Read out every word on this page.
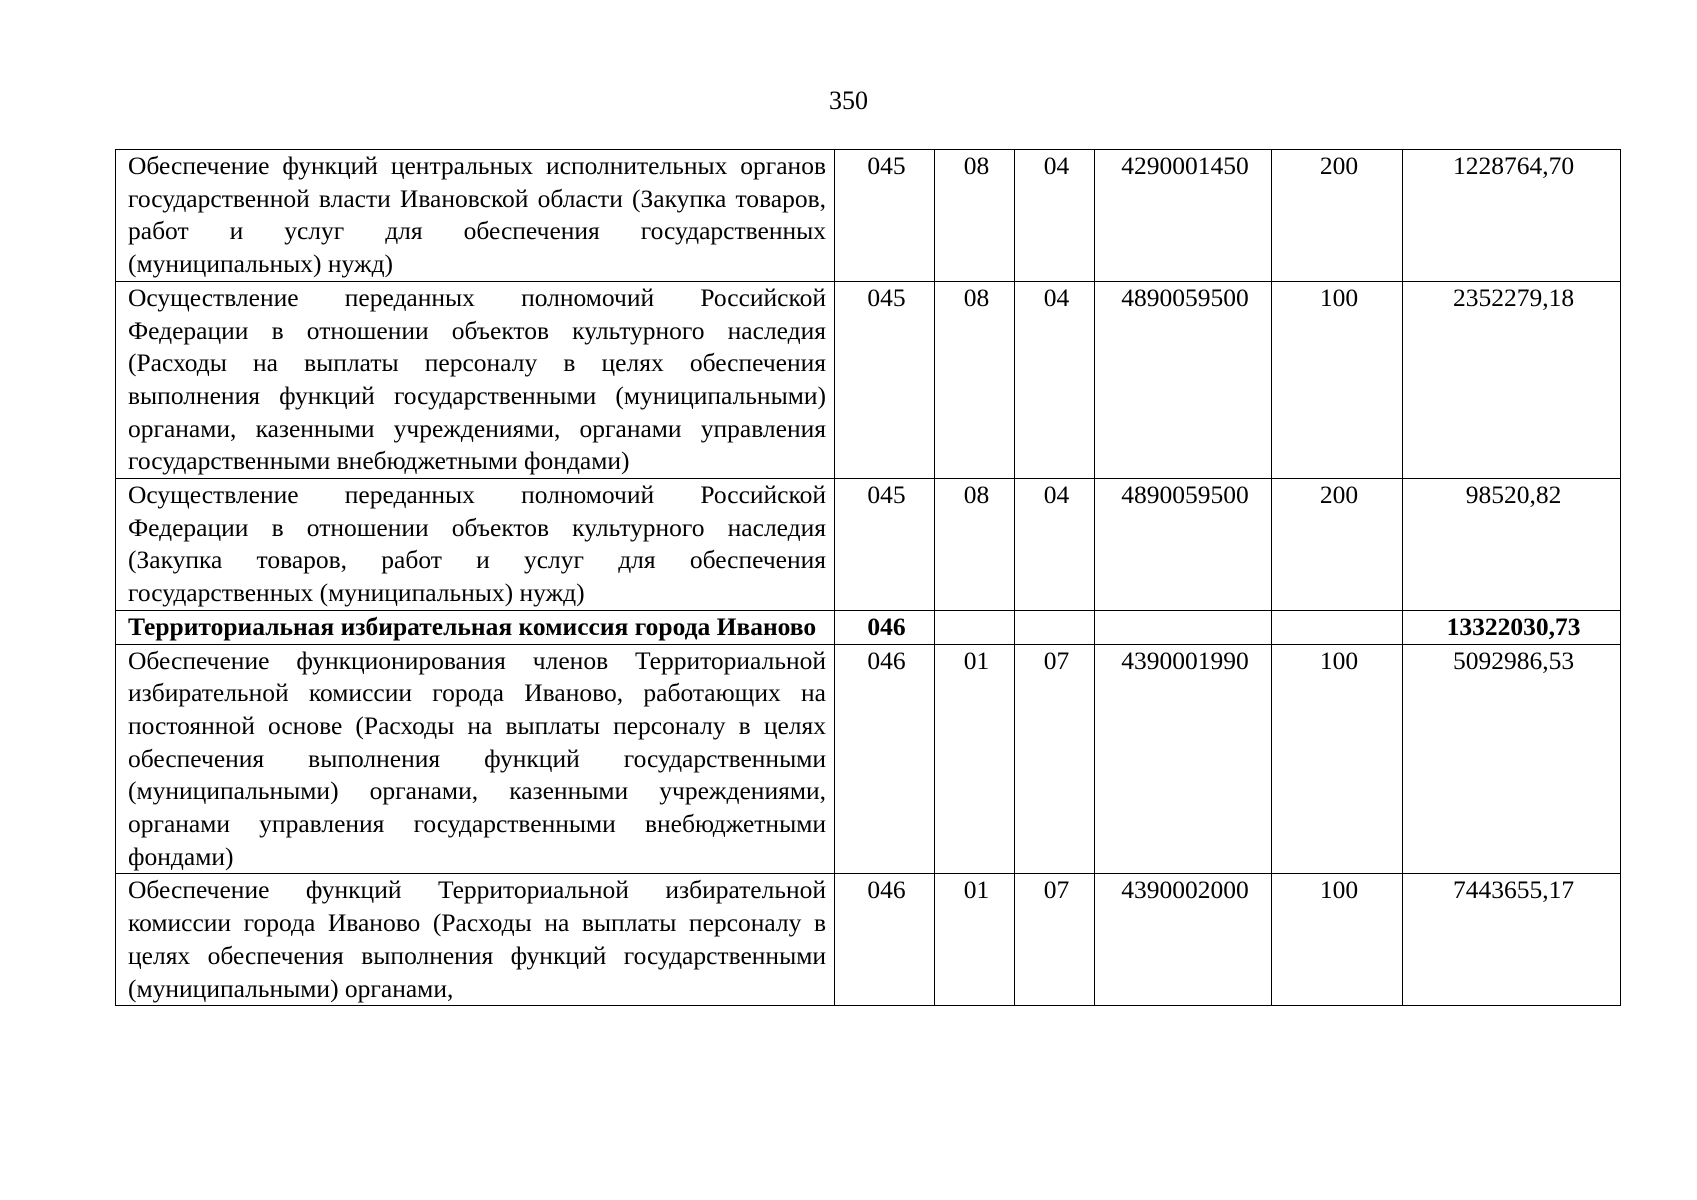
350
Обеспечение функций центральных исполнительных органов государственной власти Ивановской области (Закупка товаров, работ и услуг для обеспечения государственных (муниципальных) нужд)	045	08	04	4290001450	200	1228764,70
Осуществление переданных полномочий Российской Федерации в отношении объектов культурного наследия (Расходы на выплаты персоналу в целях обеспечения выполнения функций государственными (муниципальными) органами, казенными учреждениями, органами управления государственными внебюджетными фондами)	045	08	04	4890059500	100	2352279,18
Осуществление переданных полномочий Российской Федерации в отношении объектов культурного наследия (Закупка товаров, работ и услуг для обеспечения государственных (муниципальных) нужд)	045	08	04	4890059500	200	98520,82
Территориальная избирательная комиссия города Иваново	046					13322030,73
Обеспечение функционирования членов Территориальной избирательной комиссии города Иваново, работающих на постоянной основе (Расходы на выплаты персоналу в целях обеспечения выполнения функций государственными (муниципальными) органами, казенными учреждениями, органами управления государственными внебюджетными фондами)	046	01	07	4390001990	100	5092986,53
Обеспечение функций Территориальной избирательной комиссии города Иваново (Расходы на выплаты персоналу в целях обеспечения выполнения функций государственными (муниципальными) органами,	046	01	07	4390002000	100	7443655,17
